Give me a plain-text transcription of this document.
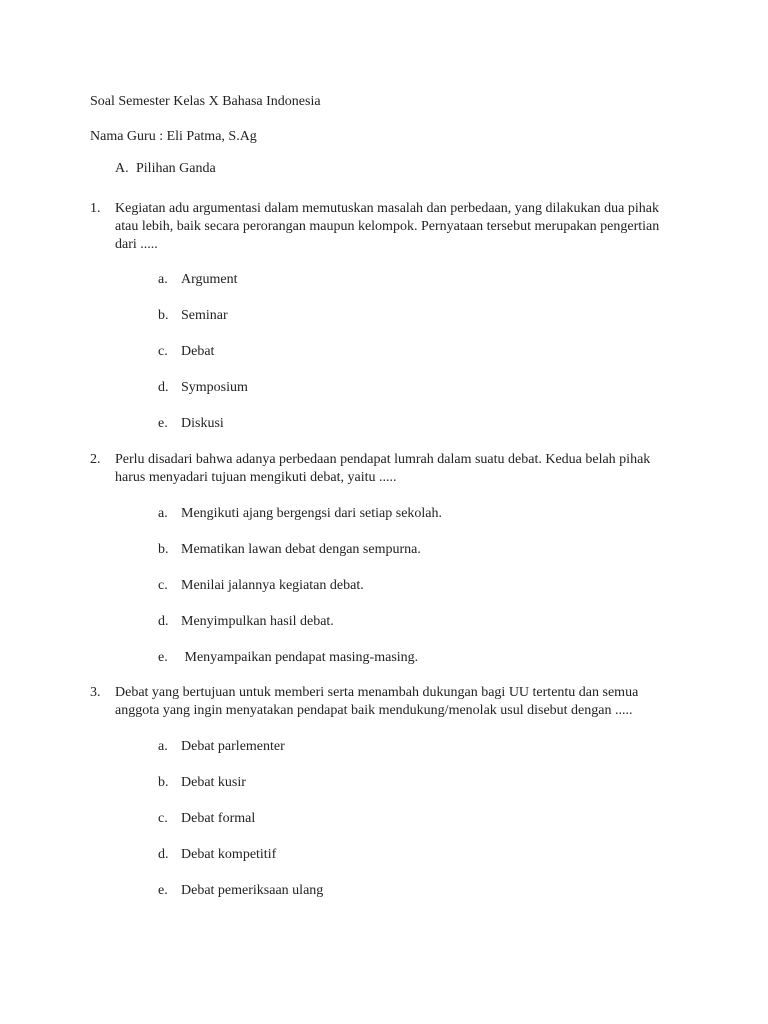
Soal Semester Kelas X Bahasa Indonesia
Nama Guru : Eli Patma, S.Ag
A. Pilihan Ganda
1. Kegiatan adu argumentasi dalam memutuskan masalah dan perbedaan, yang dilakukan dua pihak atau lebih, baik secara perorangan maupun kelompok. Pernyataan tersebut merupakan pengertian dari .....
a. Argument
b. Seminar
c. Debat
d. Symposium
e. Diskusi
2. Perlu disadari bahwa adanya perbedaan pendapat lumrah dalam suatu debat. Kedua belah pihak harus menyadari tujuan mengikuti debat, yaitu .....
a. Mengikuti ajang bergengsi dari setiap sekolah.
b. Mematikan lawan debat dengan sempurna.
c. Menilai jalannya kegiatan debat.
d. Menyimpulkan hasil debat.
e. Menyampaikan pendapat masing-masing.
3. Debat yang bertujuan untuk memberi serta menambah dukungan bagi UU tertentu dan semua anggota yang ingin menyatakan pendapat baik mendukung/menolak usul disebut dengan .....
a. Debat parlementer
b. Debat kusir
c. Debat formal
d. Debat kompetitif
e. Debat pemeriksaan ulang
